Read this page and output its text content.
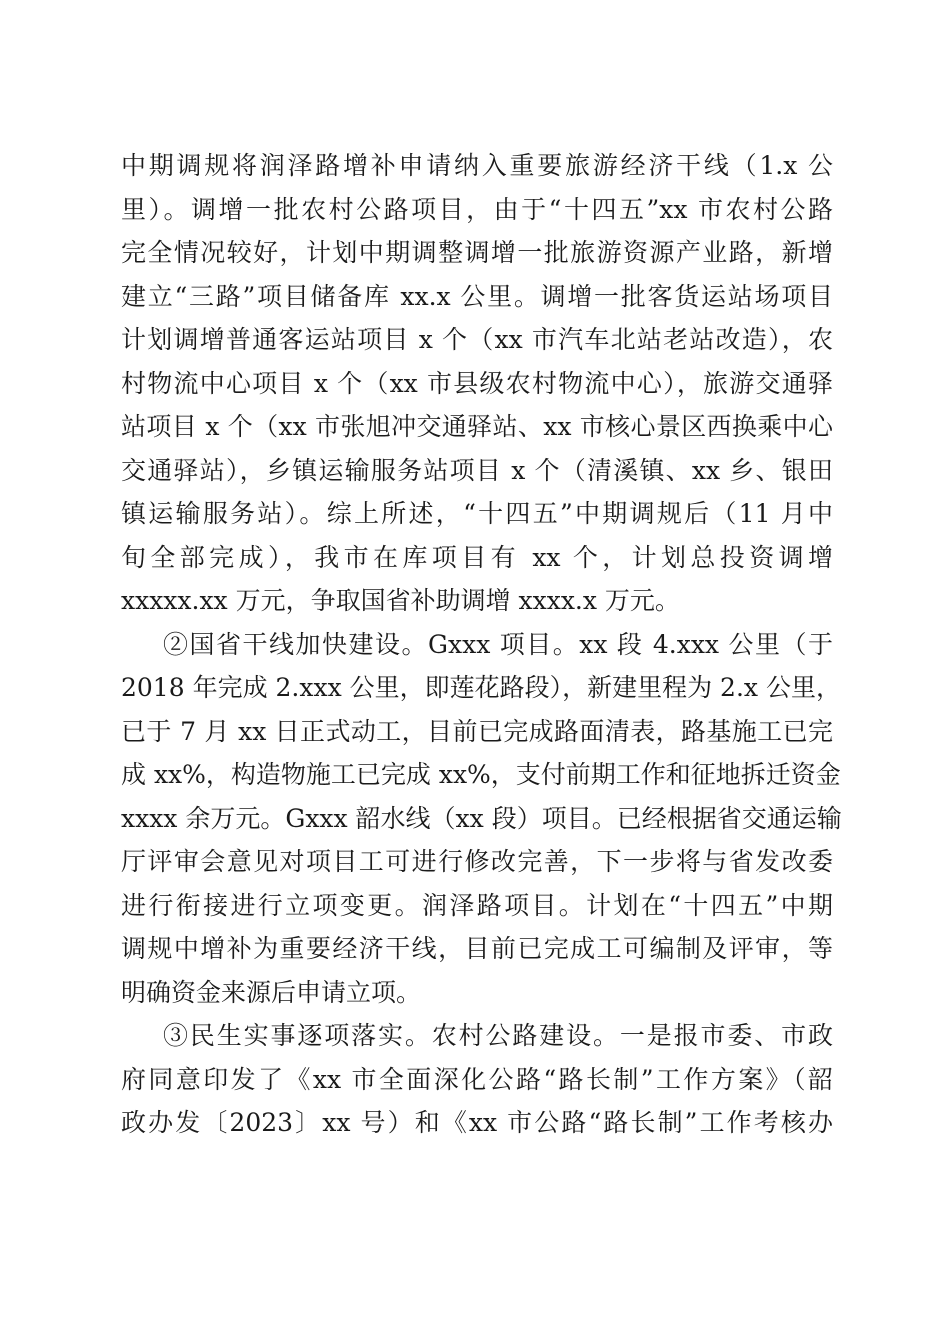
中期调规将润泽路增补申请纳入重要旅游经济干线（1.x 公
里）。调增一批农村公路项目，由于“十四五”xx 市农村公路
完全情况较好，计划中期调整调增一批旅游资源产业路，新增
建立“三路”项目储备库 xx.x 公里。调增一批客货运站场项目
计划调增普通客运站项目 x 个（xx 市汽车北站老站改造），农
村物流中心项目 x 个（xx 市县级农村物流中心），旅游交通驿
站项目 x 个（xx 市张旭冲交通驿站、xx 市核心景区西换乘中心
交通驿站），乡镇运输服务站项目 x 个（清溪镇、xx 乡、银田
镇运输服务站）。综上所述，“十四五”中期调规后（11 月中
旬全部完成），我市在库项目有 xx 个，计划总投资调增
xxxxx.xx 万元，争取国省补助调增 xxxx.x 万元。
②国省干线加快建设。Gxxx 项目。xx 段 4.xxx 公里（于
2018 年完成 2.xxx 公里，即莲花路段），新建里程为 2.x 公里，
已于 7 月 xx 日正式动工，目前已完成路面清表，路基施工已完
成 xx%，构造物施工已完成 xx%，支付前期工作和征地拆迁资金
xxxx 余万元。Gxxx 韶水线（xx 段）项目。已经根据省交通运输
厅评审会意见对项目工可进行修改完善，下一步将与省发改委
进行衔接进行立项变更。润泽路项目。计划在“十四五”中期
调规中增补为重要经济干线，目前已完成工可编制及评审，等
明确资金来源后申请立项。
③民生实事逐项落实。农村公路建设。一是报市委、市政
府同意印发了《xx 市全面深化公路“路长制”工作方案》（韶
政办发〔2023〕xx 号）和《xx 市公路“路长制”工作考核办
